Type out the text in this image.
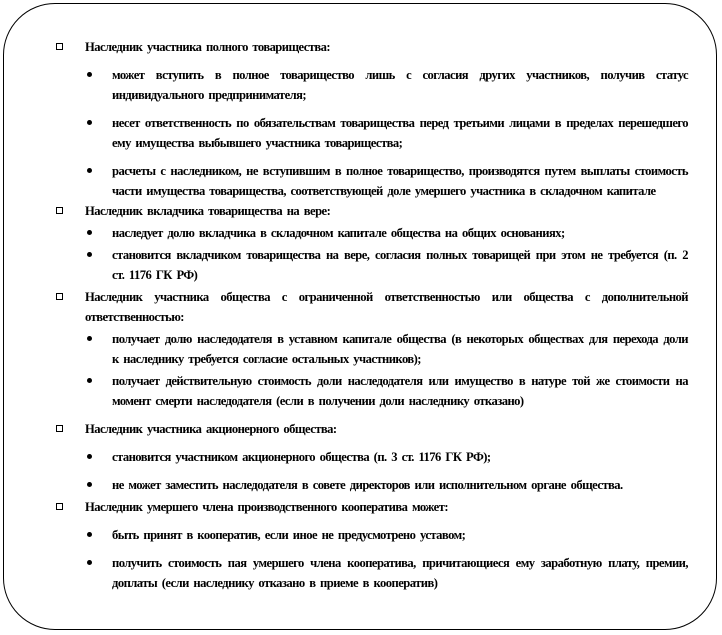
Наследник участника полного товарищества:
может вступить в полное товарищество лишь с согласия других участников, получив статус индивидуального предпринимателя;
несет ответственность по обязательствам товарищества перед третьими лицами в пределах перешедшего ему имущества выбывшего участника товарищества;
расчеты с наследником, не вступившим в полное товарищество, производятся путем выплаты стоимость части имущества товарищества, соответствующей доле умершего участника в складочном капитале
Наследник вкладчика товарищества на вере:
наследует долю вкладчика в складочном капитале общества на общих основаниях;
становится вкладчиком товарищества на вере, согласия полных товарищей при этом не требуется (п. 2 ст. 1176 ГК РФ)
Наследник участника общества с ограниченной ответственностью или общества с дополнительной ответственностью:
получает долю наследодателя в уставном капитале общества (в некоторых обществах для перехода доли к наследнику требуется согласие остальных участников);
получает действительную стоимость доли наследодателя или имущество в натуре той же стоимости на момент смерти наследодателя (если в получении доли наследнику отказано)
Наследник участника акционерного общества:
становится участником акционерного общества (п. 3 ст. 1176 ГК РФ);
не может заместить наследодателя в совете директоров или исполнительном органе общества.
Наследник умершего члена производственного кооператива может:
быть принят в кооператив, если иное не предусмотрено уставом;
получить стоимость пая умершего члена кооператива, причитающиеся ему заработную плату, премии, доплаты (если наследнику отказано в приеме в кооператив)
